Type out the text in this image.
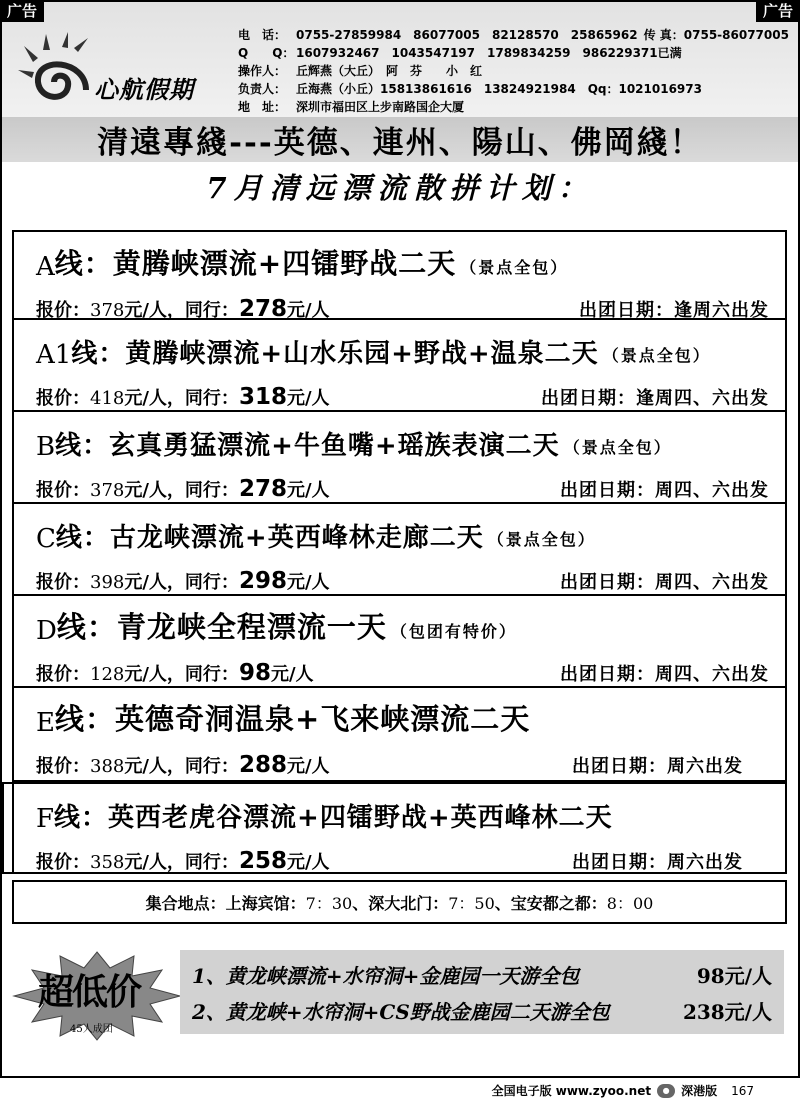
广告	广告
心航假期
电　话： 0755-27859984　86077005　82128570　25865962 传 真： 0755-86077005
Q　　Q： 1607932467　1043547197　1789834259　986229371已满
操作人： 丘辉燕（大丘）　阿　芬　　小　红
负责人： 丘海燕（小丘）15813861616　13824921984　Qq：1021016973
地　址： 深圳市福田区上步南路国企大厦
清遠專綫---英德、連州、陽山、佛岡綫！
7月清远漂流散拼计划：
A 线：黄腾峡漂流+四镭野战二天 （景点全包）
报价：378元/人，同行：278元/人	出团日期：逢周六出发
A1 线：黄腾峡漂流+山水乐园+野战+温泉二天 （景点全包）
报价：418元/人，同行：318元/人	出团日期：逢周四、六出发
B 线：玄真勇猛漂流+牛鱼嘴+瑶族表演二天 （景点全包）
报价：378元/人，同行：278元/人	出团日期：周四、六出发
C 线：古龙峡漂流+英西峰林走廊二天 （景点全包）
报价：398元/人，同行：298元/人	出团日期：周四、六出发
D 线：青龙峡全程漂流一天 （包团有特价）
报价：128元/人，同行：98元/人	出团日期：周四、六出发
E 线：英德奇洞温泉+飞来峡漂流二天
报价：388元/人，同行：288元/人	出团日期：周六出发
F 线：英西老虎谷漂流+四镭野战+英西峰林二天
报价：358元/人，同行：258元/人	出团日期：周六出发
集合地点： 上海宾馆： 7：30 、深大北门： 7：50 、宝安都之都： 8：00
超低价
45人成团
1、黄龙峡漂流+水帘洞+金鹿园一天游全包	98元/人
2、黄龙峡+水帘洞+CS野战金鹿园二天游全包	238元/人
全国电子版 www.zyoo.net	● 深港版 167
